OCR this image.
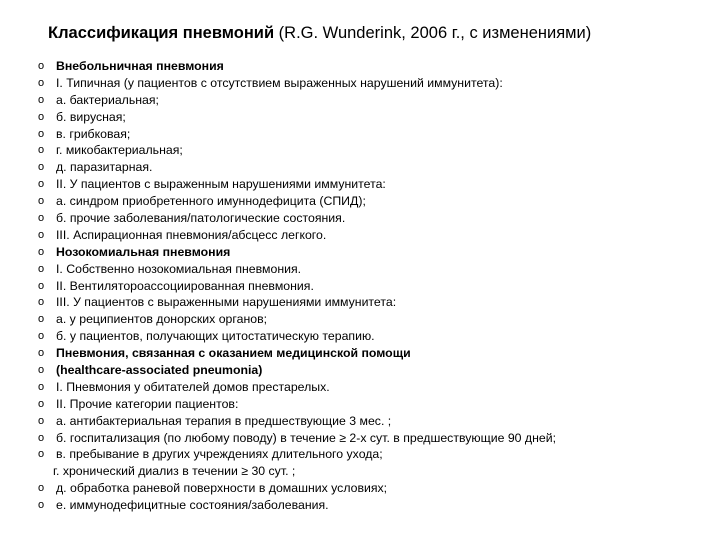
Классификация пневмоний (R.G. Wunderink, 2006 г., с изменениями)
o Внебольничная пневмония
o I. Типичная (у пациентов с отсутствием выраженных нарушений иммунитета):
o а. бактериальная;
o б. вирусная;
o в. грибковая;
o г. микобактериальная;
o д. паразитарная.
o II. У пациентов с выраженным нарушениями иммунитета:
o а. синдром приобретенного имуннодефицита (СПИД);
o б. прочие заболевания/патологические состояния.
o III. Аспирационная пневмония/абсцесс легкого.
o Нозокомиальная пневмония
o I. Собственно нозокомиальная пневмония.
o II. Вентиляторoассоциированная пневмония.
o III. У пациентов с выраженными нарушениями иммунитета:
o а. у реципиентов донорских органов;
o б. у пациентов, получающих цитостатическую терапию.
o Пневмония, связанная с оказанием медицинской помощи
o (healthcare-associated pneumonia)
o I. Пневмония у обитателей домов престарелых.
o II. Прочие категории пациентов:
o а. антибактериальная терапия в предшествующие 3 мес. ;
o б. госпитализация (по любому поводу) в течение ≥ 2-х сут. в предшествующие 90 дней;
o в. пребывание в других учреждениях длительного ухода;
г. хронический диализ в течении ≥ 30 сут. ;
o д. обработка раневой поверхности в домашних условиях;
o е. иммунодефицитные состояния/заболевания.
